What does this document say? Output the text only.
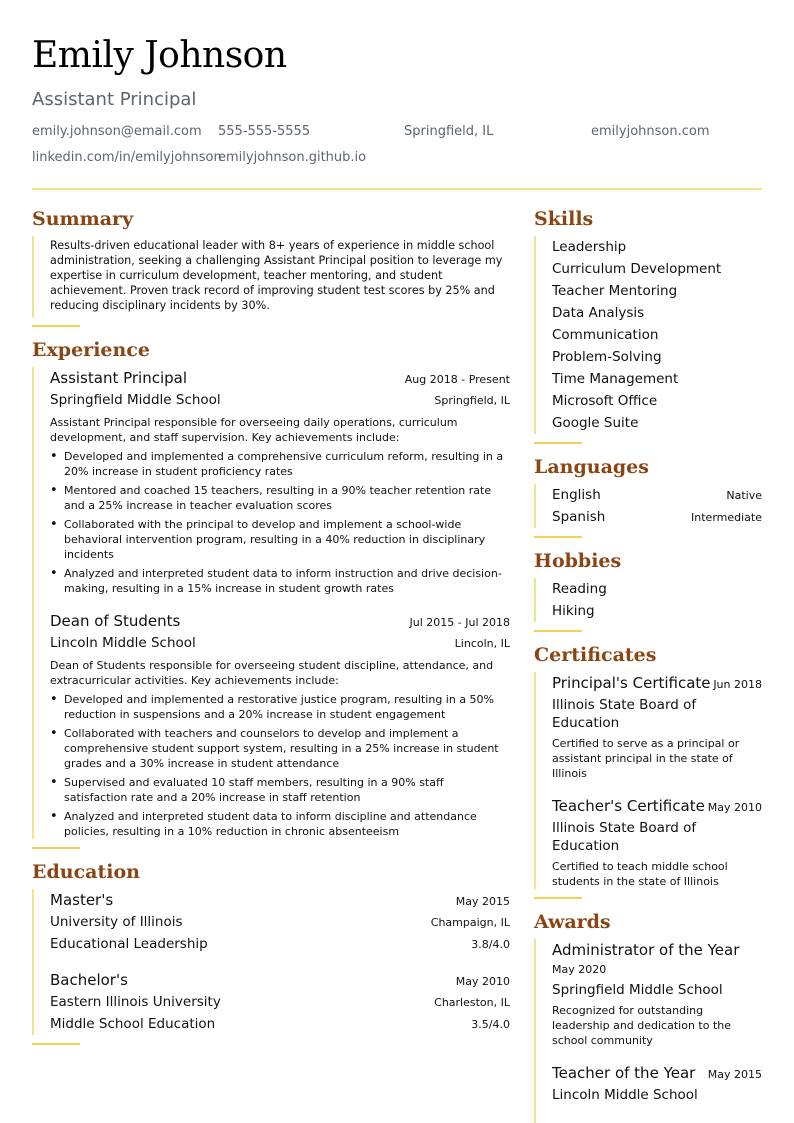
Emily Johnson
Assistant Principal
emily.johnson@email.com 555-555-5555	Springfield, IL	emilyjohnson.com
linkedin.com/in/emilyjohnson
emilyjohnson.github.io
Summary

Results-driven educational leader with 8+ years of experience in middle school administration, seeking a challenging Assistant Principal position to leverage my expertise in curriculum development, teacher mentoring, and student achievement. Proven track record of improving student test scores by 25% and reducing disciplinary incidents by 30%.

Experience
Assistant Principal	Aug 2018 - Present
Springfield Middle School	Springfield, IL

Assistant Principal responsible for overseeing daily operations, curriculum development, and staff supervision. Key achievements include:

• Developed and implemented a comprehensive curriculum reform, resulting in a 20% increase in student proficiency rates
• Mentored and coached 15 teachers, resulting in a 90% teacher retention rate and a 25% increase in teacher evaluation scores
• Collaborated with the principal to develop and implement a school-wide behavioral intervention program, resulting in a 40% reduction in disciplinary incidents
• Analyzed and interpreted student data to inform instruction and drive decision-making, resulting in a 15% increase in student growth rates
Dean of Students	Jul 2015 - Jul 2018
Lincoln Middle School	Lincoln, IL

Dean of Students responsible for overseeing student discipline, attendance, and extracurricular activities. Key achievements include:

• Developed and implemented a restorative justice program, resulting in a 50% reduction in suspensions and a 20% increase in student engagement
• Collaborated with teachers and counselors to develop and implement a comprehensive student support system, resulting in a 25% increase in student grades and a 30% increase in student attendance
• Supervised and evaluated 10 staff members, resulting in a 90% staff satisfaction rate and a 20% increase in staff retention
• Analyzed and interpreted student data to inform discipline and attendance policies, resulting in a 10% reduction in chronic absenteeism
Education
Master's	May 2015
University of Illinois	Champaign, IL
Educational Leadership	3.8/4.0
Bachelor's	May 2010
Eastern Illinois University	Charleston, IL
Middle School Education	3.5/4.0
Skills
Leadership
Curriculum Development
Teacher Mentoring
Data Analysis
Communication
Problem-Solving
Time Management
Microsoft Office
Google Suite
Languages
English	Native
Spanish	Intermediate
Hobbies
Reading
Hiking
Certificates
Principal's Certificate Jun 2018
Illinois State Board of Education

Certified to serve as a principal or assistant principal in the state of Illinois

Teacher's Certificate May 2010
Illinois State Board of Education

Certified to teach middle school students in the state of Illinois

Awards
Administrator of the Year
May 2020
Springfield Middle School

Recognized for outstanding leadership and dedication to the school community

Teacher of the Year May 2015
Lincoln Middle School
